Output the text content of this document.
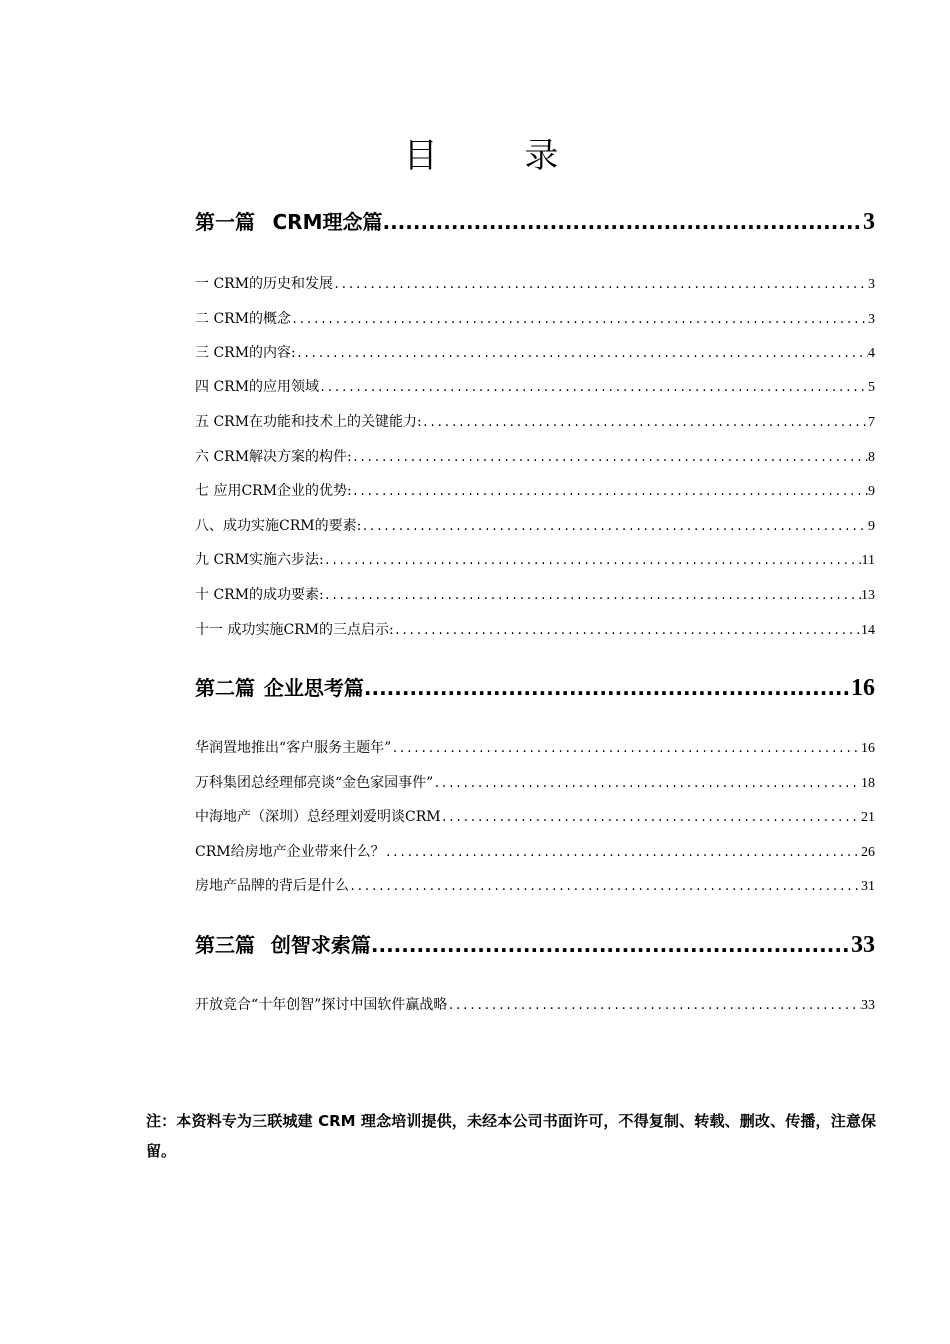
目 录
第一篇 CRM理念篇 .....	3
一 CRM的历史和发展 .....	3
二 CRM的概念 .....	3
三 CRM的内容: .....	4
四 CRM的应用领域 .....	5
五 CRM在功能和技术上的关键能力: .....	7
六 CRM解决方案的构件: .....	8
七 应用CRM企业的优势: .....	9
八、成功实施CRM的要素: .....	9
九 CRM实施六步法: .....	11
十 CRM的成功要素: .....	13
十一 成功实施CRM的三点启示: .....	14
第二篇 企业思考篇 .....	16
华润置地推出“客户服务主题年” .....	16
万科集团总经理郁亮谈“金色家园事件” .....	18
中海地产（深圳）总经理刘爱明谈CRM .....	21
CRM给房地产企业带来什么？ .....	26
房地产品牌的背后是什么 .....	31
第三篇 创智求索篇 .....	33
开放竞合“十年创智”探讨中国软件赢战略 .....	33
注：本资料专为三联城建 CRM 理念培训提供，未经本公司书面许可，不得复制、转载、删改、传播，注意保留。
